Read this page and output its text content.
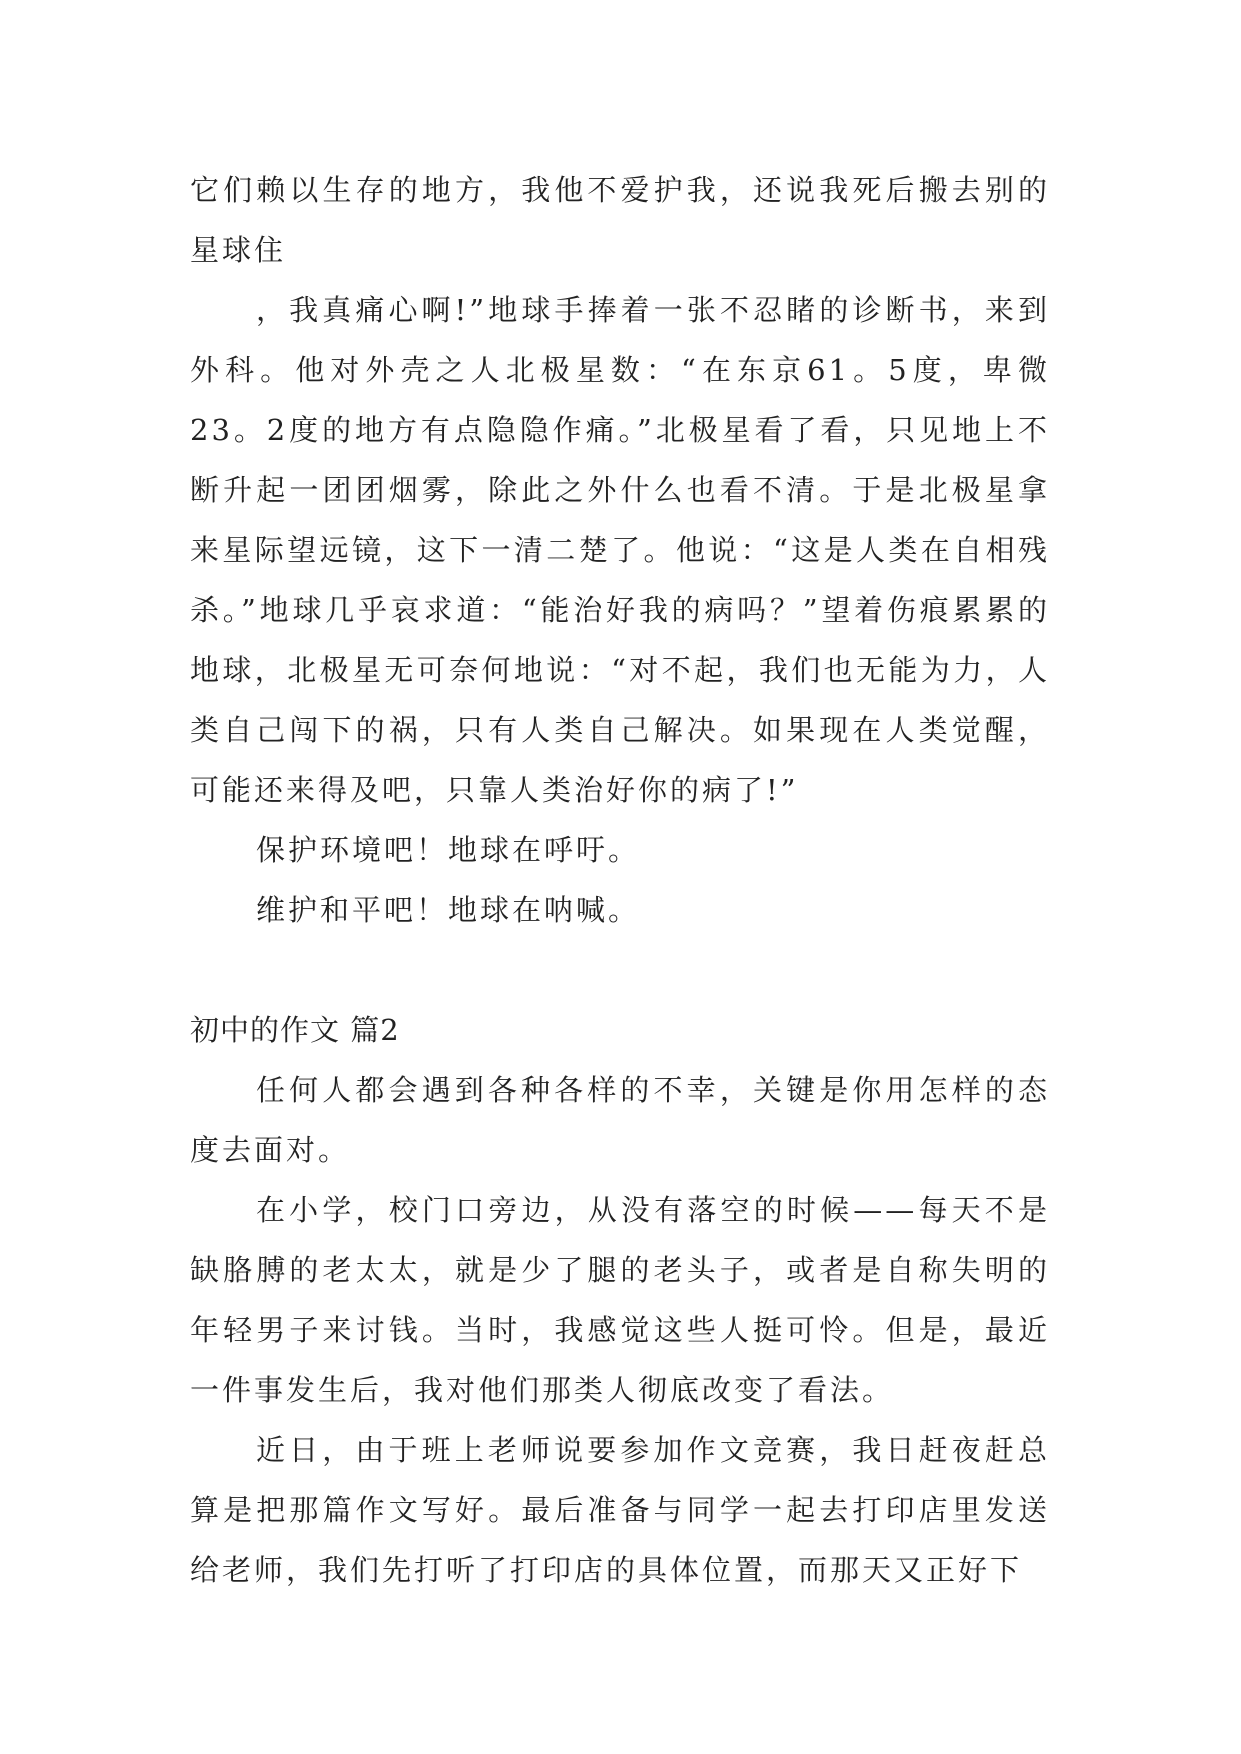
它们赖以生存的地方，我他不爱护我，还说我死后搬去别的星球住

，我真痛心啊!”地球手捧着一张不忍睹的诊断书，来到外科。他对外壳之人北极星数：“在东京61。5度，卑微23。2度的地方有点隐隐作痛。”北极星看了看，只见地上不断升起一团团烟雾，除此之外什么也看不清。于是北极星拿来星际望远镜，这下一清二楚了。他说：“这是人类在自相残杀。”地球几乎哀求道：“能治好我的病吗？”望着伤痕累累的地球，北极星无可奈何地说：“对不起，我们也无能为力，人类自己闯下的祸，只有人类自己解决。如果现在人类觉醒，可能还来得及吧，只靠人类治好你的病了!”

保护环境吧！地球在呼吁。

维护和平吧！地球在呐喊。

初中的作文 篇2

任何人都会遇到各种各样的不幸，关键是你用怎样的态度去面对。

在小学，校门口旁边，从没有落空的时候——每天不是缺胳膊的老太太，就是少了腿的老头子，或者是自称失明的年轻男子来讨钱。当时，我感觉这些人挺可怜。但是，最近一件事发生后，我对他们那类人彻底改变了看法。

近日，由于班上老师说要参加作文竞赛，我日赶夜赶总算是把那篇作文写好。最后准备与同学一起去打印店里发送给老师，我们先打听了打印店的具体位置，而那天又正好下
